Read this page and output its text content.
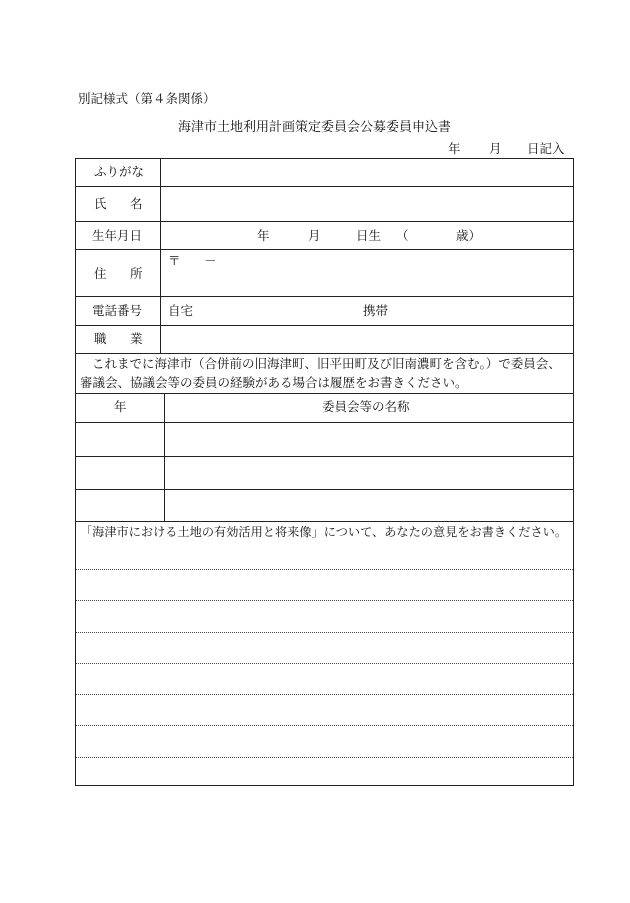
別記様式（第４条関係）
海津市土地利用計画策定委員会公募委員申込書
年 月 日記入
ふりがな
氏 名
生年月日	年	月	日生 （	歳）
住 所
〒 －
電話番号 自宅	携帯
職 業
これまでに海津市（合併前の旧海津町、旧平田町及び旧南濃町を含む。）で委員会、
審議会、協議会等の委員の経験がある場合は履歴をお書きください。
年	委員会等の名称
「海津市における土地の有効活用と将来像」について、あなたの意見をお書きください。
